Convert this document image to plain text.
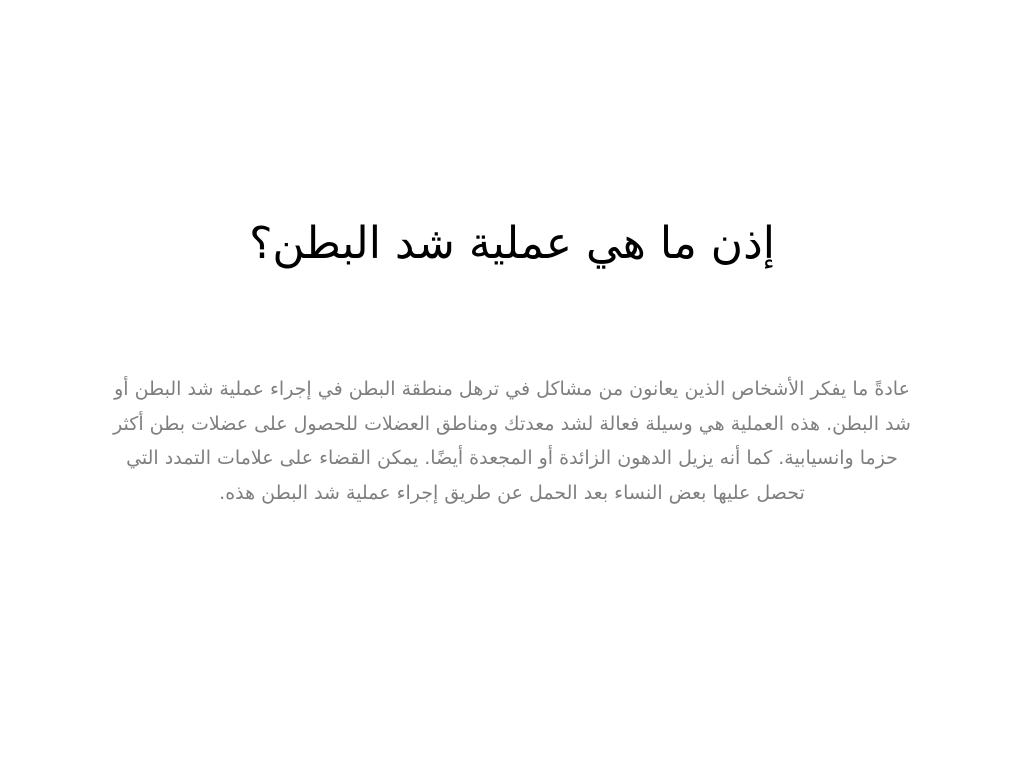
إذن ما هي عملية شد البطن؟

عادةً ما يفكر الأشخاص الذين يعانون من مشاكل في ترهل منطقة البطن في إجراء عملية شد البطن أو شد البطن. هذه العملية هي وسيلة فعالة لشد معدتك ومناطق العضلات للحصول على عضلات بطن أكثر حزما وانسيابية. كما أنه يزيل الدهون الزائدة أو المجعدة أيضًا. يمكن القضاء على علامات التمدد التي تحصل عليها بعض النساء بعد الحمل عن طريق إجراء عملية شد البطن هذه.
